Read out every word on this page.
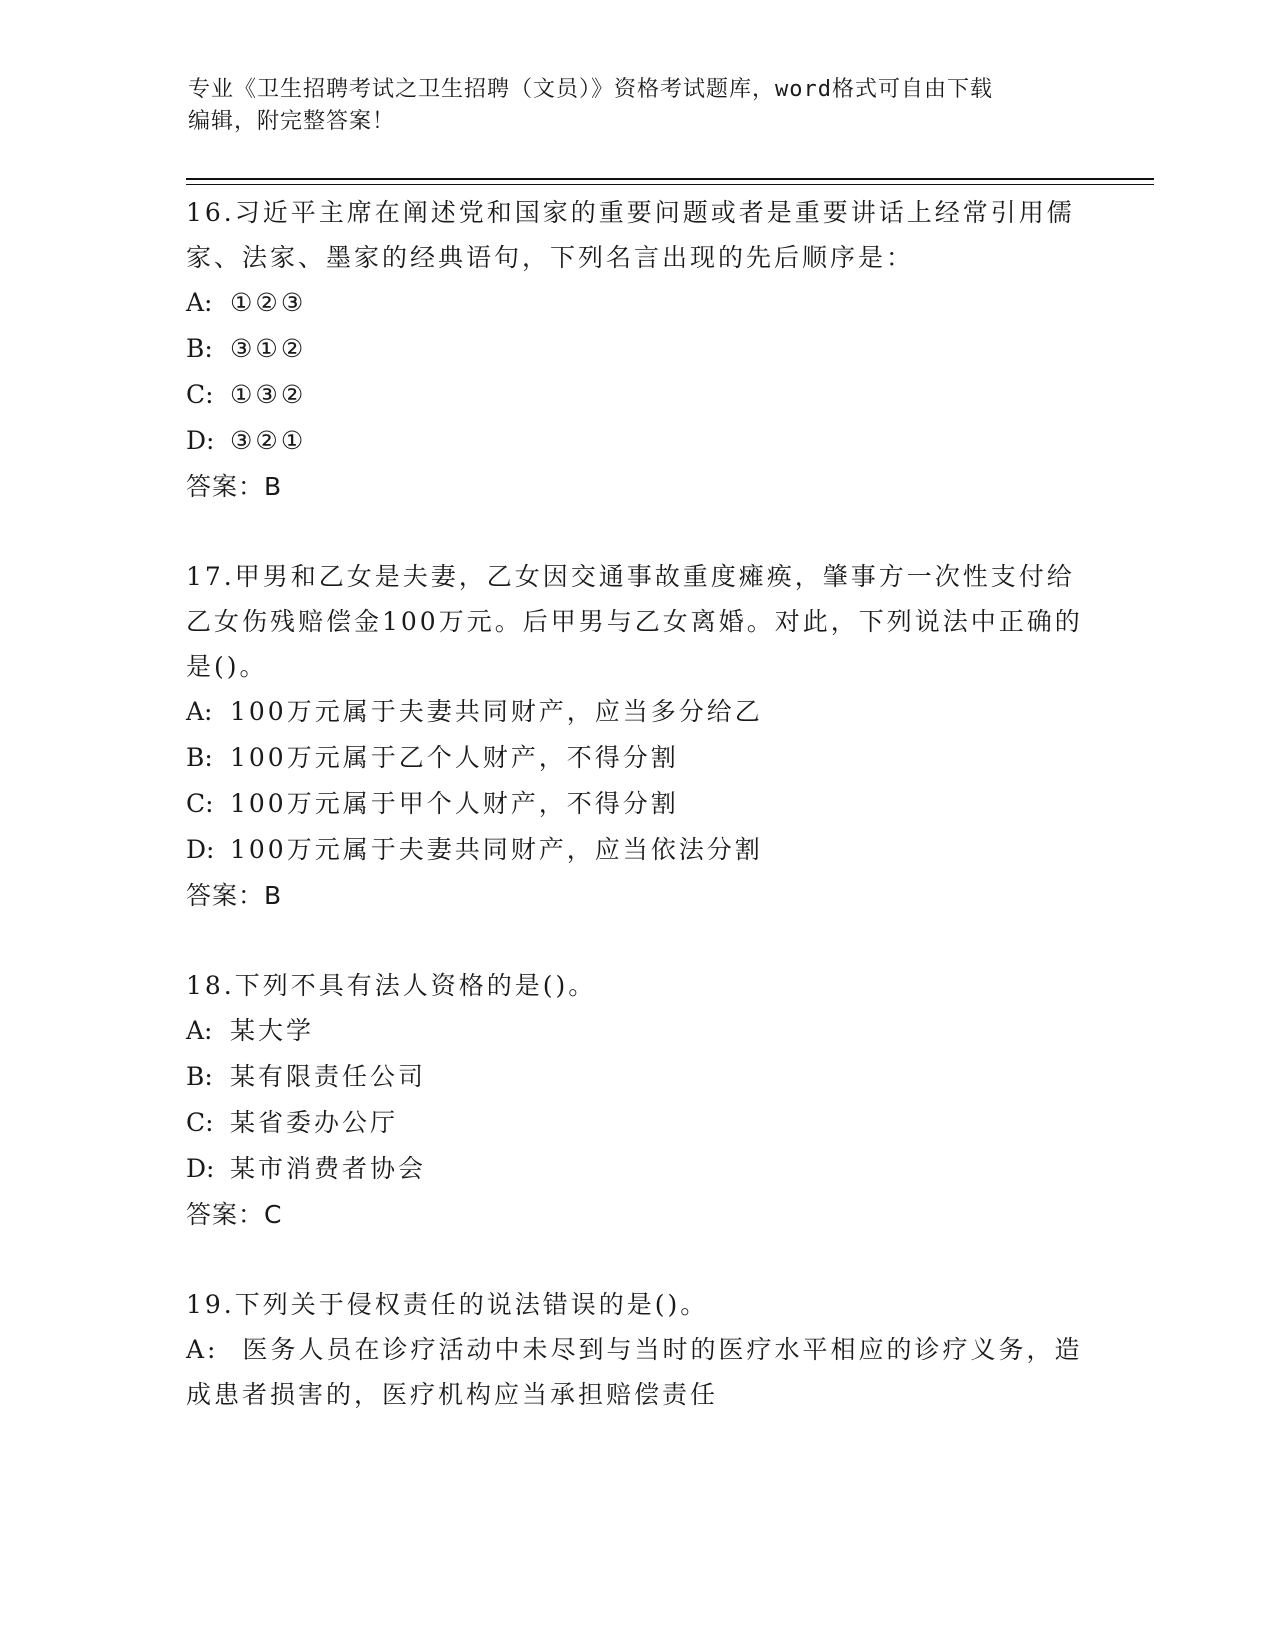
专业《卫生招聘考试之卫生招聘（文员）》资格考试题库，word格式可自由下载
编辑，附完整答案！

16.习近平主席在阐述党和国家的重要问题或者是重要讲话上经常引用儒家、法家、墨家的经典语句，下列名言出现的先后顺序是：

A: ①②③

B: ③①②

C: ①③②

D: ③②①

答案：B

17.甲男和乙女是夫妻，乙女因交通事故重度瘫痪，肇事方一次性支付给乙女伤残赔偿金100万元。后甲男与乙女离婚。对此，下列说法中正确的是()。

A: 100万元属于夫妻共同财产，应当多分给乙

B: 100万元属于乙个人财产，不得分割

C: 100万元属于甲个人财产，不得分割

D: 100万元属于夫妻共同财产，应当依法分割

答案：B

18.下列不具有法人资格的是()。

A: 某大学

B: 某有限责任公司

C: 某省委办公厅

D: 某市消费者协会

答案：C

19.下列关于侵权责任的说法错误的是()。

A: 医务人员在诊疗活动中未尽到与当时的医疗水平相应的诊疗义务，造成患者损害的，医疗机构应当承担赔偿责任
